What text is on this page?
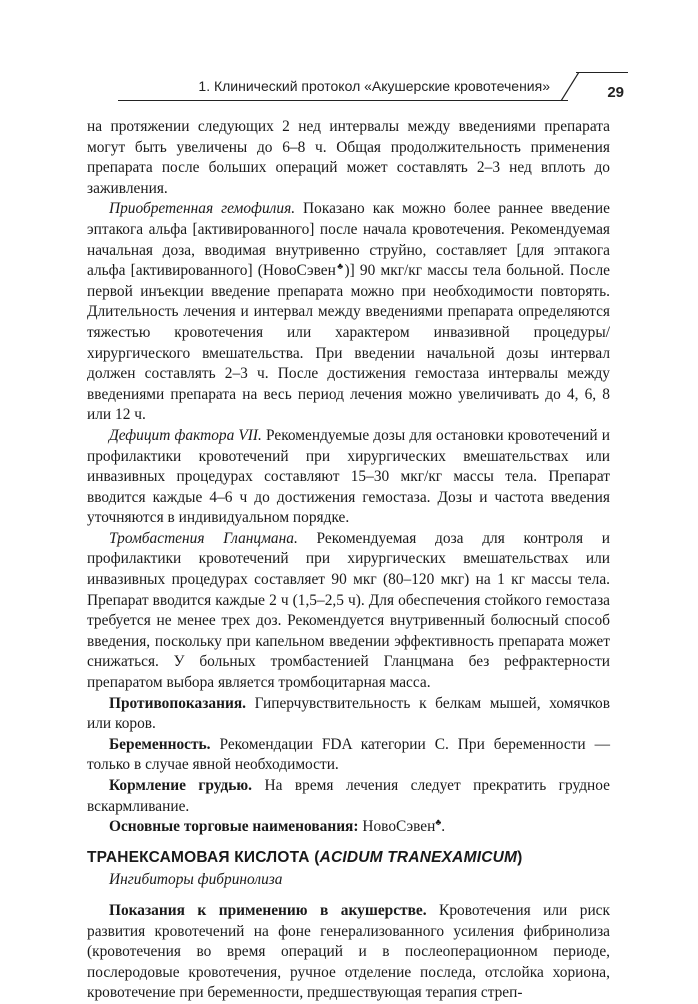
1. Клинический протокол «Акушерские кровотечения»	29

на протяжении следующих 2 нед интервалы между введениями препарата могут быть увеличены до 6–8 ч. Общая продолжительность применения препарата после больших операций может составлять 2–3 нед вплоть до заживления.

Приобретенная гемофилия. Показано как можно более раннее введение эптакога альфа [активированного] после начала кровотечения. Рекомендуемая начальная доза, вводимая внутривенно струйно, составляет [для эптакога альфа [активированного] (НовоСэвен♣)] 90 мкг/кг массы тела больной. После первой инъекции введение препарата можно при необходимости повторять. Длительность лечения и интервал между введениями препарата определяются тяжестью кровотечения или характером инвазивной процедуры/хирургического вмешательства. При введении начальной дозы интервал должен составлять 2–3 ч. После достижения гемостаза интервалы между введениями препарата на весь период лечения можно увеличивать до 4, 6, 8 или 12 ч.

Дефицит фактора VII. Рекомендуемые дозы для остановки кровотечений и профилактики кровотечений при хирургических вмешательствах или инвазивных процедурах составляют 15–30 мкг/кг массы тела. Препарат вводится каждые 4–6 ч до достижения гемостаза. Дозы и частота введения уточняются в индивидуальном порядке.

Тромбастения Гланцмана. Рекомендуемая доза для контроля и профилактики кровотечений при хирургических вмешательствах или инвазивных процедурах составляет 90 мкг (80–120 мкг) на 1 кг массы тела. Препарат вводится каждые 2 ч (1,5–2,5 ч). Для обеспечения стойкого гемостаза требуется не менее трех доз. Рекомендуется внутривенный болюсный способ введения, поскольку при капельном введении эффективность препарата может снижаться. У больных тромбастенией Гланцмана без рефрактерности препаратом выбора является тромбоцитарная масса.

Противопоказания. Гиперчувствительность к белкам мышей, хомячков или коров.

Беременность. Рекомендации FDA категории C. При беременности — только в случае явной необходимости.

Кормление грудью. На время лечения следует прекратить грудное вскармливание.

Основные торговые наименования: НовоСэвен♣.

ТРАНЕКСАМОВАЯ КИСЛОТА (ACIDUM TRANEXAMICUM)

Ингибиторы фибринолиза

Показания к применению в акушерстве. Кровотечения или риск развития кровотечений на фоне генерализованного усиления фибринолиза (кровотечения во время операций и в послеоперационном периоде, послеродовые кровотечения, ручное отделение последа, отслойка хориона, кровотечение при беременности, предшествующая терапия стреп-
